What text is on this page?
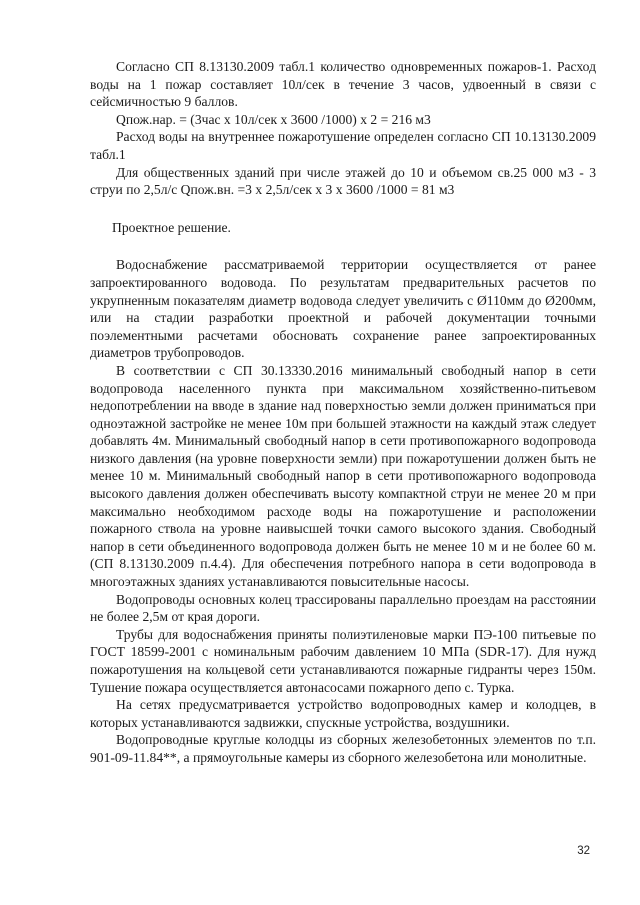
Согласно СП 8.13130.2009 табл.1 количество одновременных пожаров-1. Расход воды на 1 пожар составляет 10л/сек в течение 3 часов, удвоенный в связи с сейсмичностью 9 баллов.

Qпож.нар. = (3час х 10л/сек х 3600 /1000) х 2 = 216 м3

Расход воды на внутреннее пожаротушение определен согласно СП 10.13130.2009 табл.1

Для общественных зданий при числе этажей до 10 и объемом св.25 000 м3 - 3 струи по 2,5л/с Qпож.вн. =3 х 2,5л/сек х 3 х 3600 /1000 = 81 м3

Проектное решение.

Водоснабжение рассматриваемой территории осуществляется от ранее запроектированного водовода. По результатам предварительных расчетов по укрупненным показателям диаметр водовода следует увеличить с Ø110мм до Ø200мм, или на стадии разработки проектной и рабочей документации точными поэлементными расчетами обосновать сохранение ранее запроектированных диаметров трубопроводов.

В соответствии с СП 30.13330.2016 минимальный свободный напор в сети водопровода населенного пункта при максимальном хозяйственно-питьевом недопотреблении на вводе в здание над поверхностью земли должен приниматься при одноэтажной застройке не менее 10м при большей этажности на каждый этаж следует добавлять 4м. Минимальный свободный напор в сети противопожарного водопровода низкого давления (на уровне поверхности земли) при пожаротушении должен быть не менее 10 м. Минимальный свободный напор в сети противопожарного водопровода высокого давления должен обеспечивать высоту компактной струи не менее 20 м при максимально необходимом расходе воды на пожаротушение и расположении пожарного ствола на уровне наивысшей точки самого высокого здания. Свободный напор в сети объединенного водопровода должен быть не менее 10 м и не более 60 м.(СП 8.13130.2009 п.4.4). Для обеспечения потребного напора в сети водопровода в многоэтажных зданиях устанавливаются повысительные насосы.

Водопроводы основных колец трассированы параллельно проездам на расстоянии не более 2,5м от края дороги.

Трубы для водоснабжения приняты полиэтиленовые марки ПЭ-100 питьевые по ГОСТ 18599-2001 с номинальным рабочим давлением 10 МПа (SDR-17). Для нужд пожаротушения на кольцевой сети устанавливаются пожарные гидранты через 150м. Тушение пожара осуществляется автонасосами пожарного депо с. Турка.

На сетях предусматривается устройство водопроводных камер и колодцев, в которых устанавливаются задвижки, спускные устройства, воздушники.

Водопроводные круглые колодцы из сборных железобетонных элементов по т.п. 901-09-11.84**, а прямоугольные камеры из сборного железобетона или монолитные.

32
